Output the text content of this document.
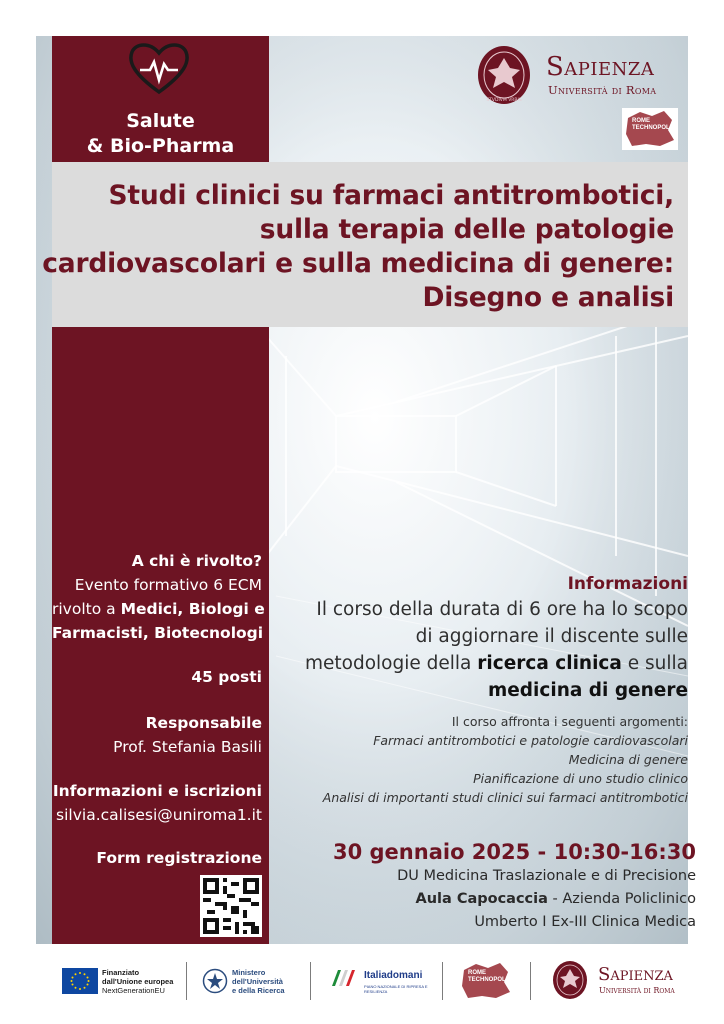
Salute
& Bio-Pharma
STVDIVM VRBIS
Sapienza
Università di Roma
ROME TECHNOPOLE
Studi clinici su farmaci antitrombotici,
sulla terapia delle patologie
cardiovascolari e sulla medicina di genere:
Disegno e analisi
A chi è rivolto?
Evento formativo 6 ECM
rivolto a Medici, Biologi e
Farmacisti, Biotecnologi
45 posti
Responsabile
Prof. Stefania Basili
Informazioni e iscrizioni
silvia.calisesi@uniroma1.it
Form registrazione
Informazioni
Il corso della durata di 6 ore ha lo scopo
di aggiornare il discente sulle
metodologie della ricerca clinica e sulla
medicina di genere
Il corso affronta i seguenti argomenti:
Farmaci antitrombotici e patologie cardiovascolari
Medicina di genere
Pianificazione di uno studio clinico
Analisi di importanti studi clinici sui farmaci antitrombotici
30 gennaio 2025 - 10:30-16:30
DU Medicina Traslazionale e di Precisione
Aula Capocaccia - Azienda Policlinico
Umberto I Ex-III Clinica Medica
Finanziato
dall'Unione europea
NextGenerationEU
Ministero
dell'Università
e della Ricerca
Italiadomani
PIANO NAZIONALE DI RIPRESA E RESILIENZA
ROME TECHNOPOLE	Sapienza
Università di Roma
